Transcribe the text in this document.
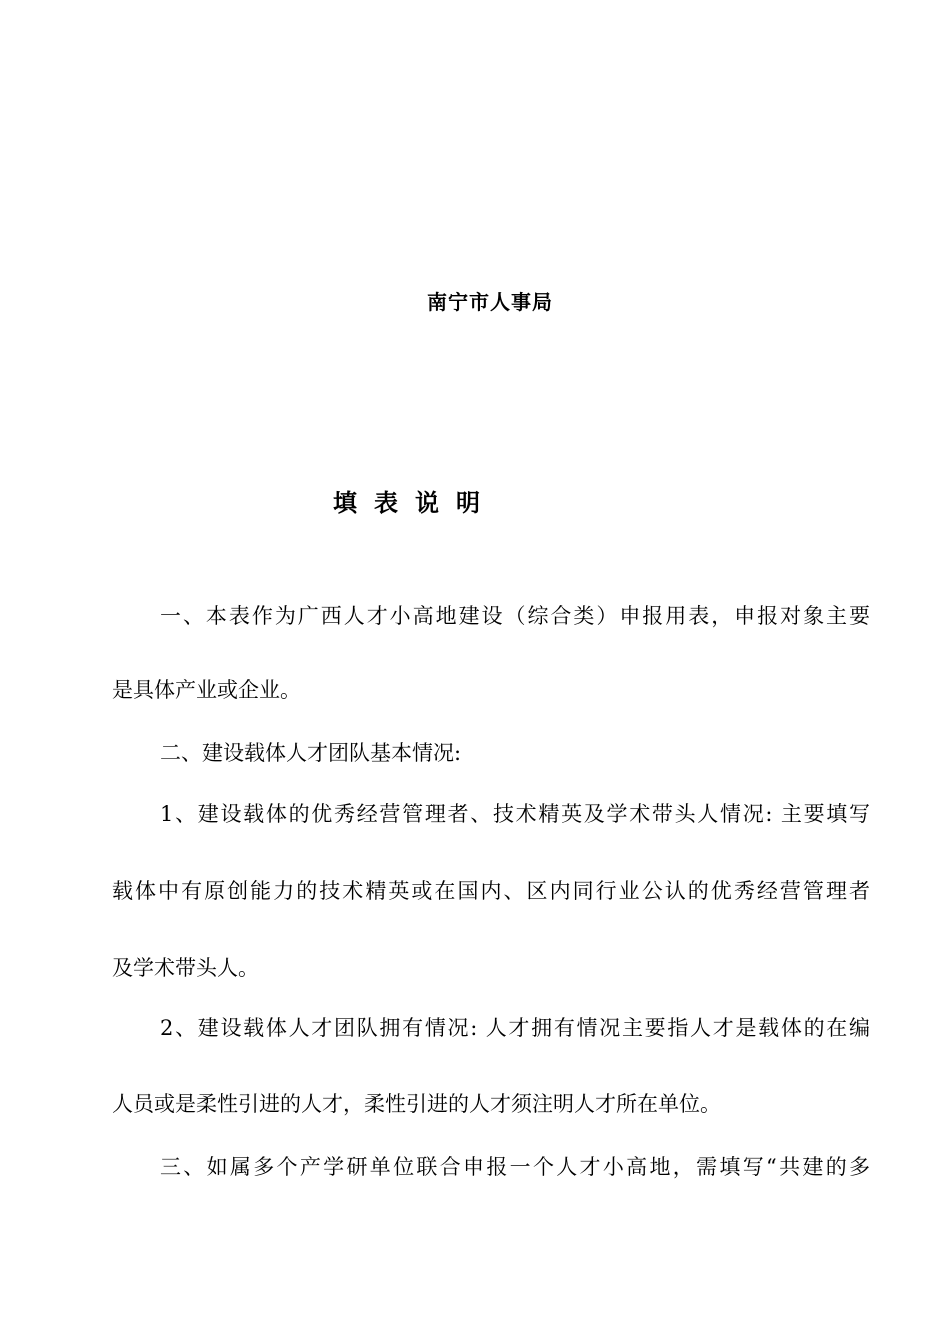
南宁市人事局
填表说明
一、本表作为广西人才小高地建设（综合类）申报用表，申报对象主要
是具体产业或企业。
二、建设载体人才团队基本情况:
1、建设载体的优秀经营管理者、技术精英及学术带头人情况: 主要填写
载体中有原创能力的技术精英或在国内、区内同行业公认的优秀经营管理者
及学术带头人。
2、建设载体人才团队拥有情况: 人才拥有情况主要指人才是载体的在编
人员或是柔性引进的人才，柔性引进的人才须注明人才所在单位。
三、如属多个产学研单位联合申报一个人才小高地，需填写“共建的多
